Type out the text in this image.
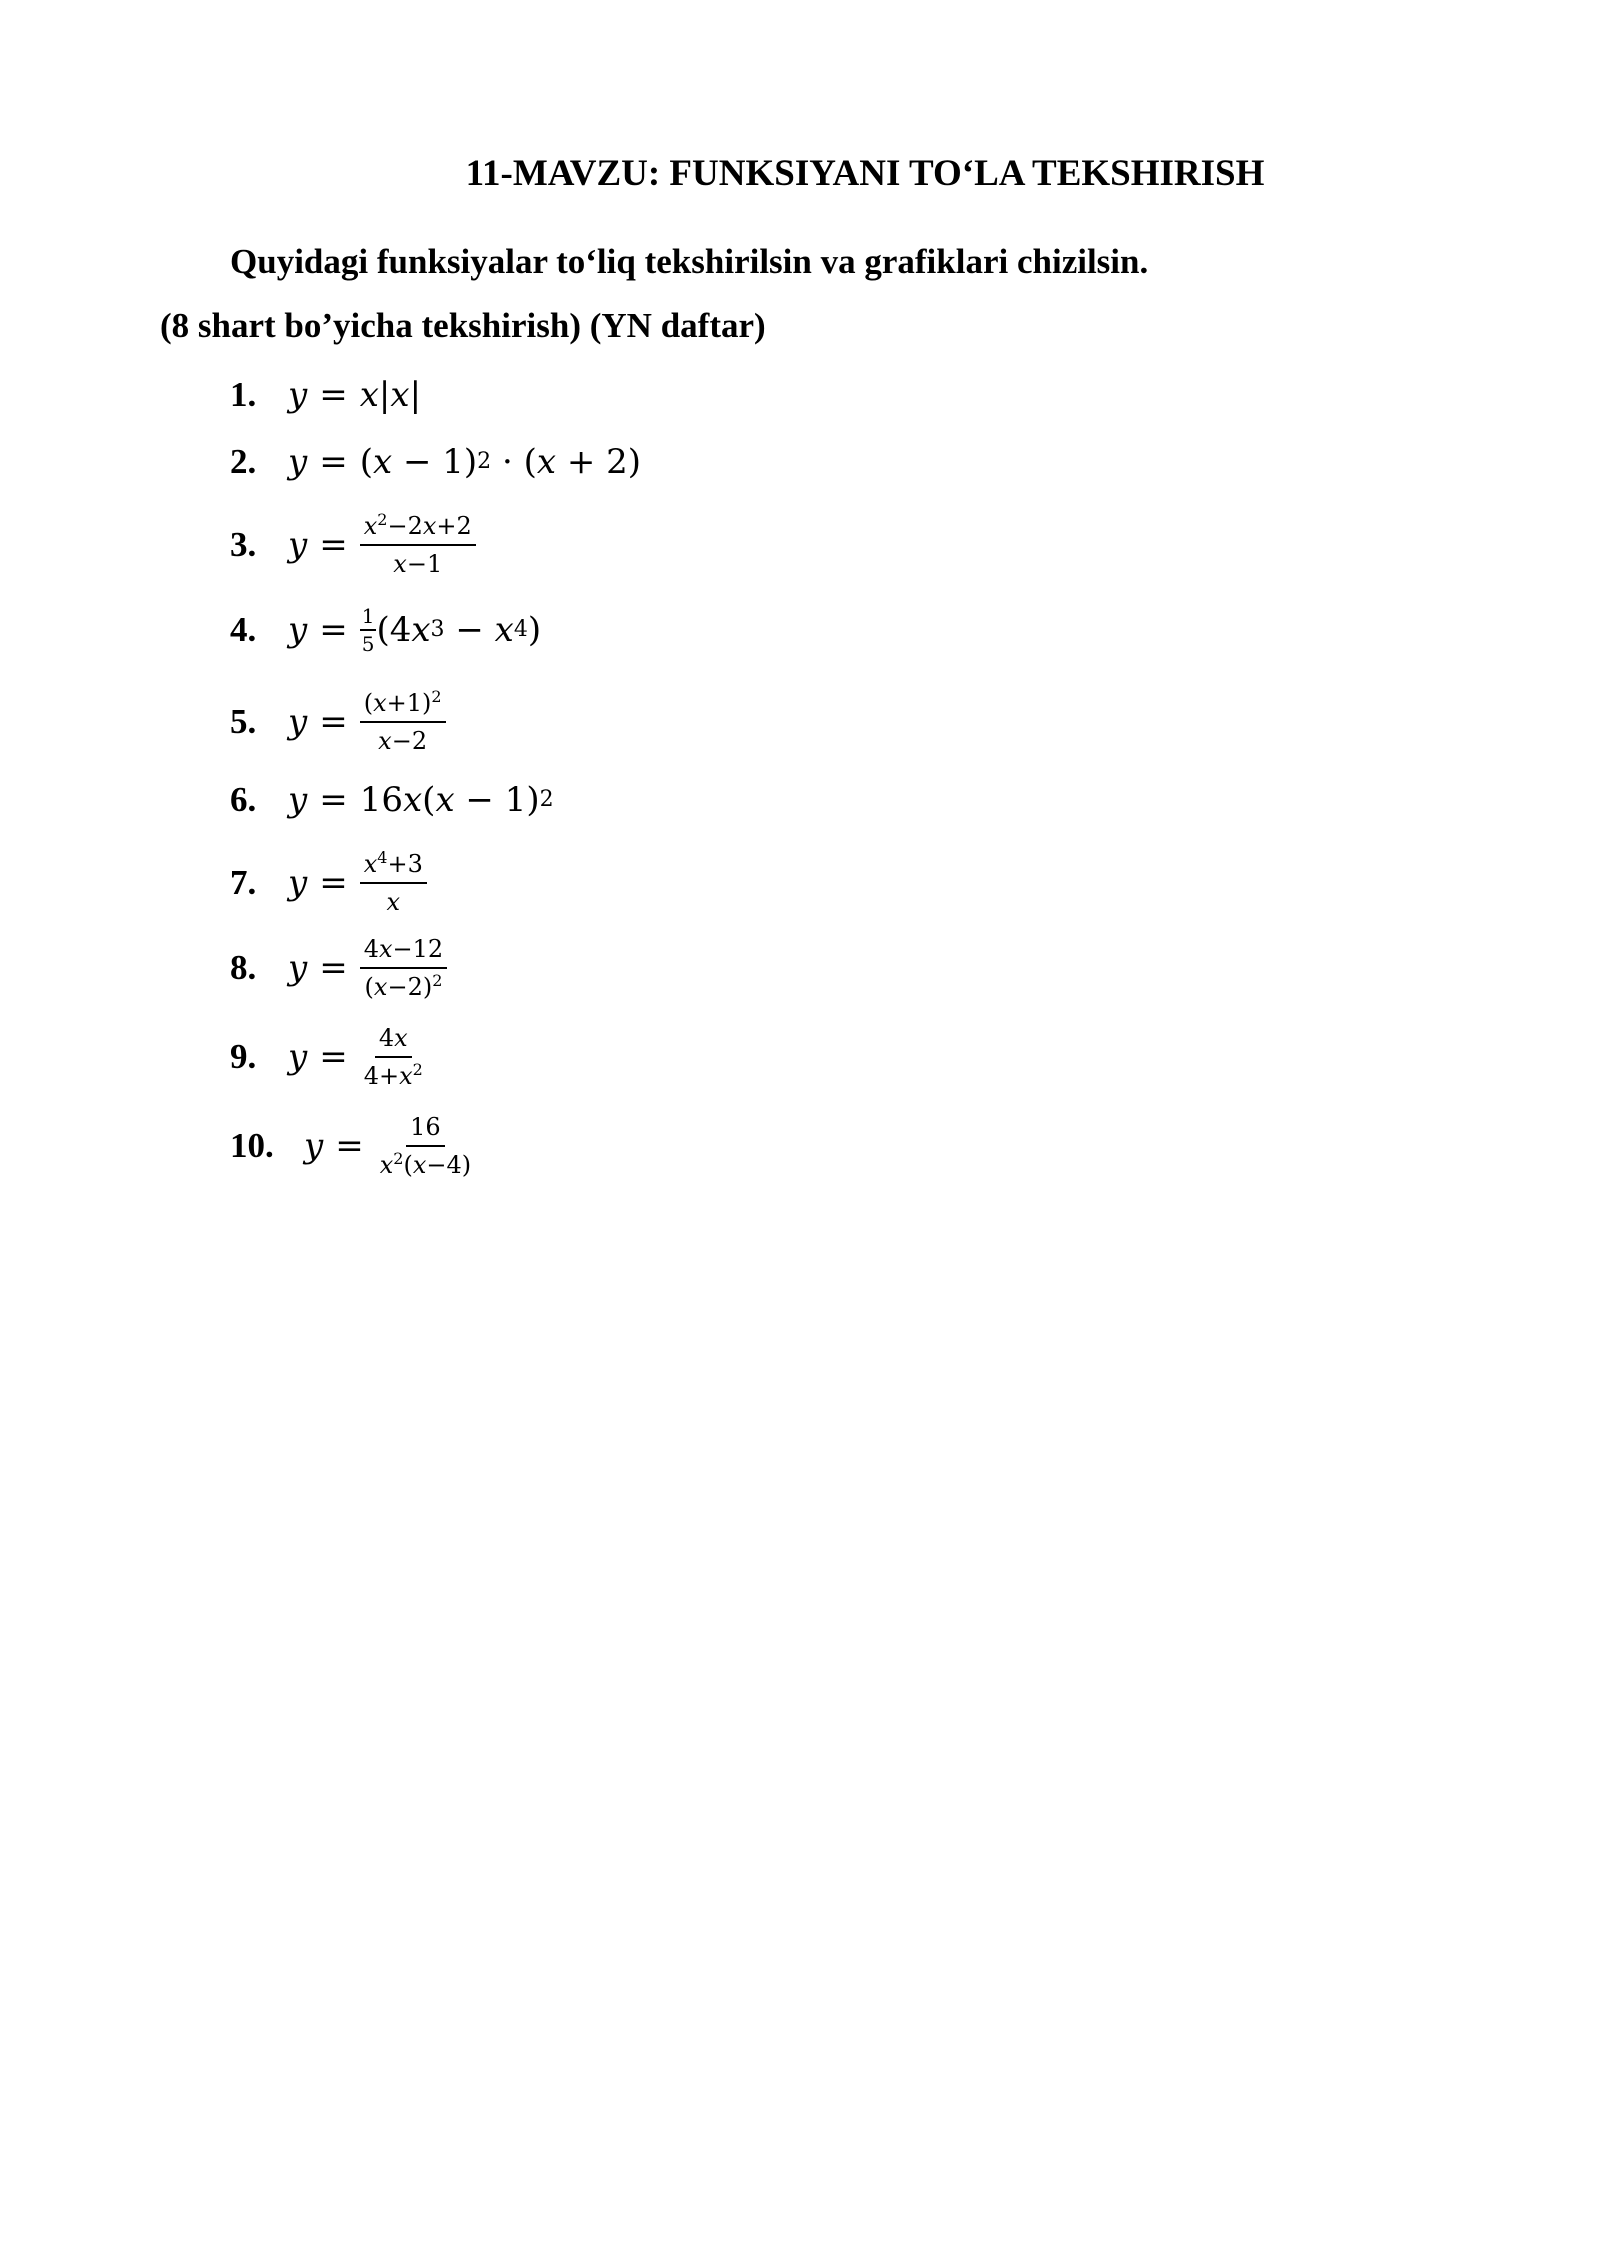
11-MAVZU: FUNKSIYANI TO‘LA TEKSHIRISH
Quyidagi funksiyalar to‘liq tekshirilsin va grafiklari chizilsin.
(8 shart bo’yicha tekshirish) (YN daftar)
1. y = x | x |
2. y = ( x − 1) 2 · ( x + 2)
3. $y = \frac{x^2-2x+2}{x-1}$
4. $y = \frac{1}{5} (4$ x 3 − x 4 )
5. $y = \frac{(x+1)^2}{x-2}$
6. y = 16 x ( x − 1) 2
7. $y = \frac{x^4+3}{x}$
8. $y = \frac{4x-12}{(x-2)^2}$
9. $y = \frac{4x}{4+x^2}$
10. $y = \frac{16}{x^2(x-4)}$
